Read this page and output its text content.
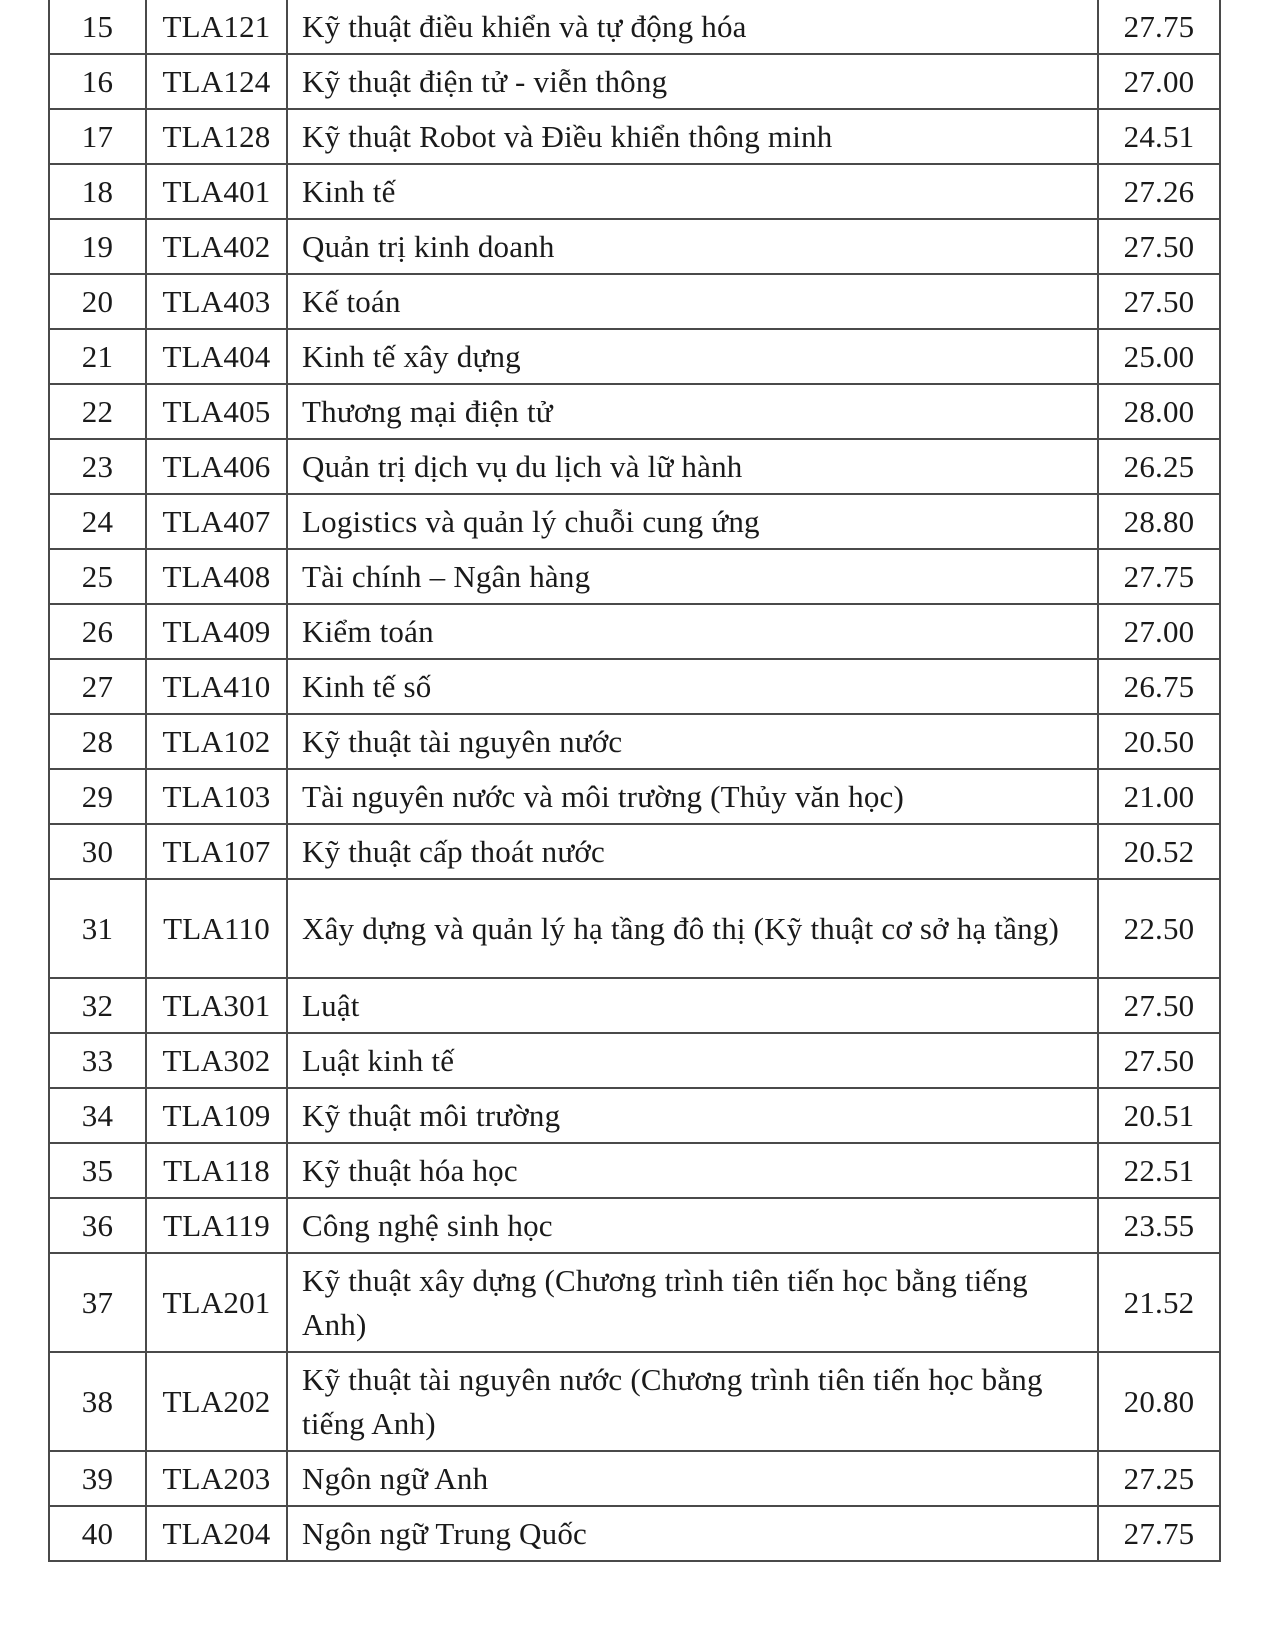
15	TLA121	Kỹ thuật điều khiển và tự động hóa	27.75
16	TLA124	Kỹ thuật điện tử - viễn thông	27.00
17	TLA128	Kỹ thuật Robot và Điều khiển thông minh	24.51
18	TLA401	Kinh tế	27.26
19	TLA402	Quản trị kinh doanh	27.50
20	TLA403	Kế toán	27.50
21	TLA404	Kinh tế xây dựng	25.00
22	TLA405	Thương mại điện tử	28.00
23	TLA406	Quản trị dịch vụ du lịch và lữ hành	26.25
24	TLA407	Logistics và quản lý chuỗi cung ứng	28.80
25	TLA408	Tài chính – Ngân hàng	27.75
26	TLA409	Kiểm toán	27.00
27	TLA410	Kinh tế số	26.75
28	TLA102	Kỹ thuật tài nguyên nước	20.50
29	TLA103	Tài nguyên nước và môi trường (Thủy văn học)	21.00
30	TLA107	Kỹ thuật cấp thoát nước	20.52
31	TLA110	Xây dựng và quản lý hạ tầng đô thị (Kỹ thuật cơ sở hạ tầng)	22.50
32	TLA301	Luật	27.50
33	TLA302	Luật kinh tế	27.50
34	TLA109	Kỹ thuật môi trường	20.51
35	TLA118	Kỹ thuật hóa học	22.51
36	TLA119	Công nghệ sinh học	23.55
37	TLA201	Kỹ thuật xây dựng (Chương trình tiên tiến học bằng tiếng Anh)	21.52
38	TLA202	Kỹ thuật tài nguyên nước (Chương trình tiên tiến học bằng tiếng Anh)	20.80
39	TLA203	Ngôn ngữ Anh	27.25
40	TLA204	Ngôn ngữ Trung Quốc	27.75
